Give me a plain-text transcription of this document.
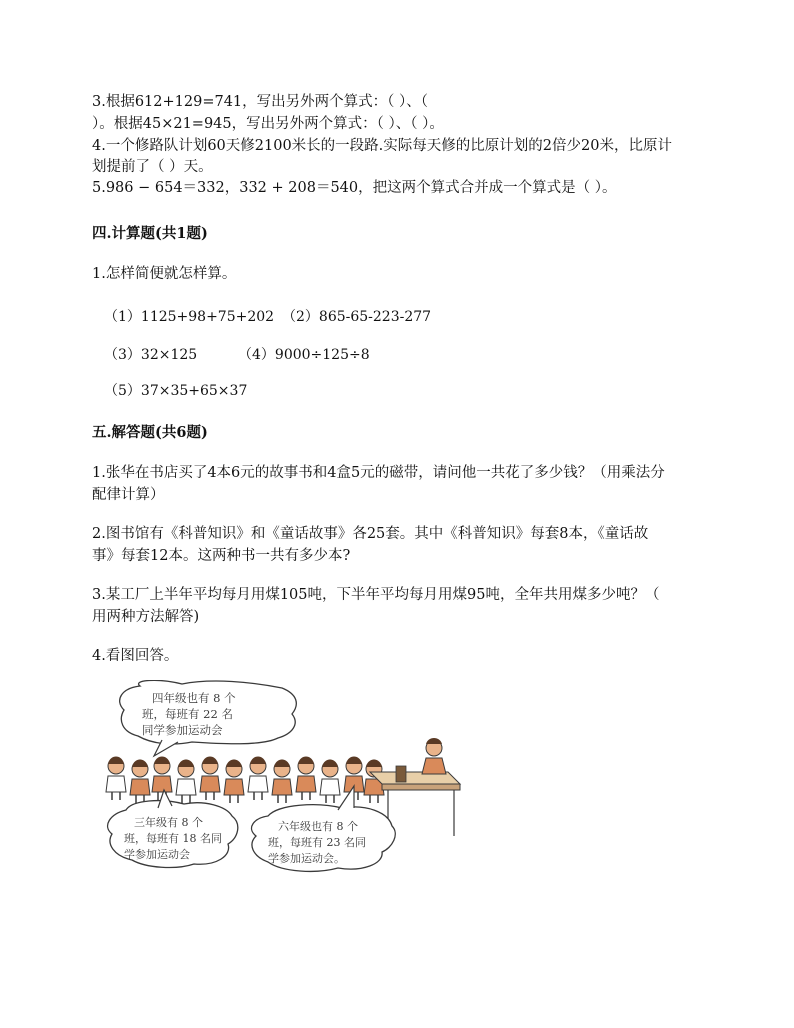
3.根据612+129=741，写出另外两个算式：（ ）、（
）。根据45×21=945，写出另外两个算式：（ ）、（ ）。
4.一个修路队计划60天修2100米长的一段路.实际每天修的比原计划的2倍少20米，比原计
划提前了（ ）天。
5.986 − 654＝332，332 + 208＝540，把这两个算式合并成一个算式是（ ）。
四.计算题(共1题)
1.怎样简便就怎样算。
（1）1125+98+75+202 （2）865-65-223-277
（3）32×125	（4）9000÷125÷8
（5）37×35+65×37
五.解答题(共6题)
1.张华在书店买了4本6元的故事书和4盒5元的磁带，请问他一共花了多少钱？（用乘法分
配律计算）
2.图书馆有《科普知识》和《童话故事》各25套。其中《科普知识》每套8本，《童话故
事》每套12本。这两种书一共有多少本?
3.某工厂上半年平均每月用煤105吨，下半年平均每月用煤95吨，全年共用煤多少吨？（
用两种方法解答)
4.看图回答。
四年级也有 8 个
班，每班有 22 名
同学参加运动会
三年级有 8 个
班，每班有 18 名同
学参加运动会
六年级也有 8 个
班，每班有 23 名同
学参加运动会。
